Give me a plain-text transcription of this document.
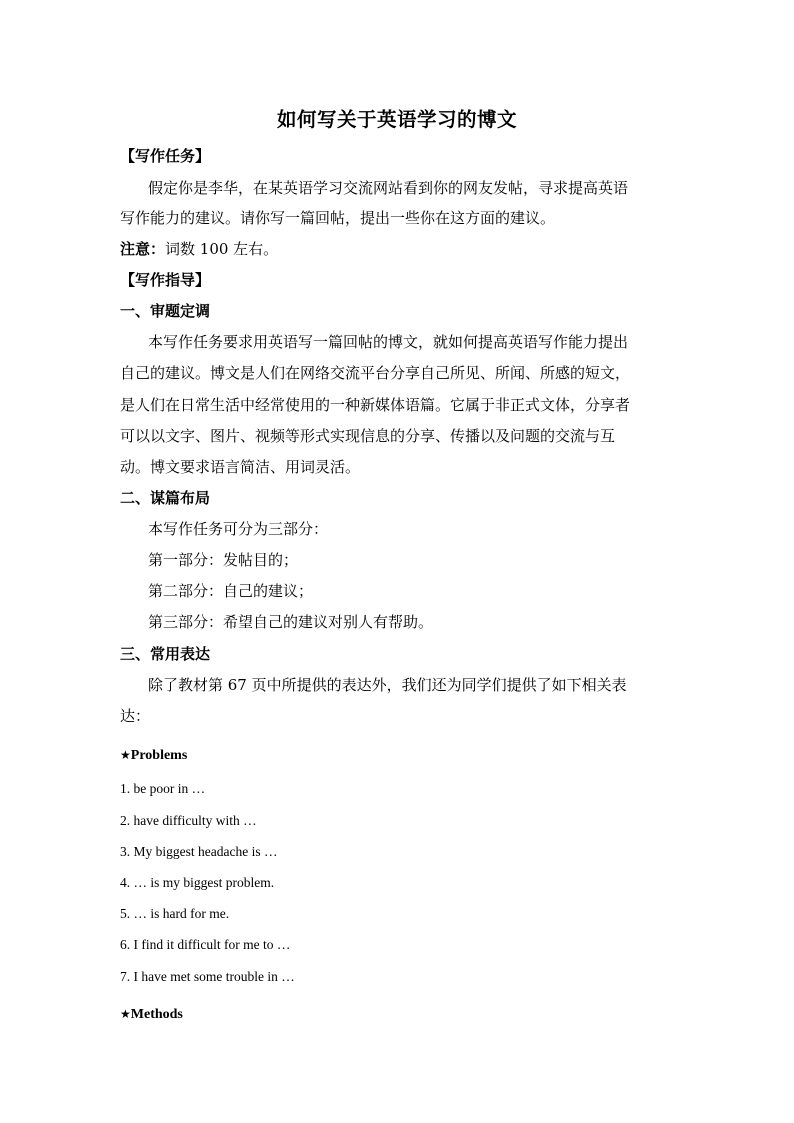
如何写关于英语学习的博文
【写作任务】
假定你是李华，在某英语学习交流网站看到你的网友发帖，寻求提高英语
写作能力的建议。请你写一篇回帖，提出一些你在这方面的建议。
注意：词数 100 左右。
【写作指导】
一、审题定调
本写作任务要求用英语写一篇回帖的博文，就如何提高英语写作能力提出
自己的建议。博文是人们在网络交流平台分享自己所见、所闻、所感的短文，
是人们在日常生活中经常使用的一种新媒体语篇。它属于非正式文体，分享者
可以以文字、图片、视频等形式实现信息的分享、传播以及问题的交流与互
动。博文要求语言简洁、用词灵活。
二、谋篇布局
本写作任务可分为三部分：
第一部分：发帖目的；
第二部分：自己的建议；
第三部分：希望自己的建议对别人有帮助。
三、常用表达
除了教材第 67 页中所提供的表达外，我们还为同学们提供了如下相关表
达：
★Problems
1. be poor in …
2. have difficulty with …
3. My biggest headache is …
4. … is my biggest problem.
5. … is hard for me.
6. I find it difficult for me to …
7. I have met some trouble in …
★Methods
